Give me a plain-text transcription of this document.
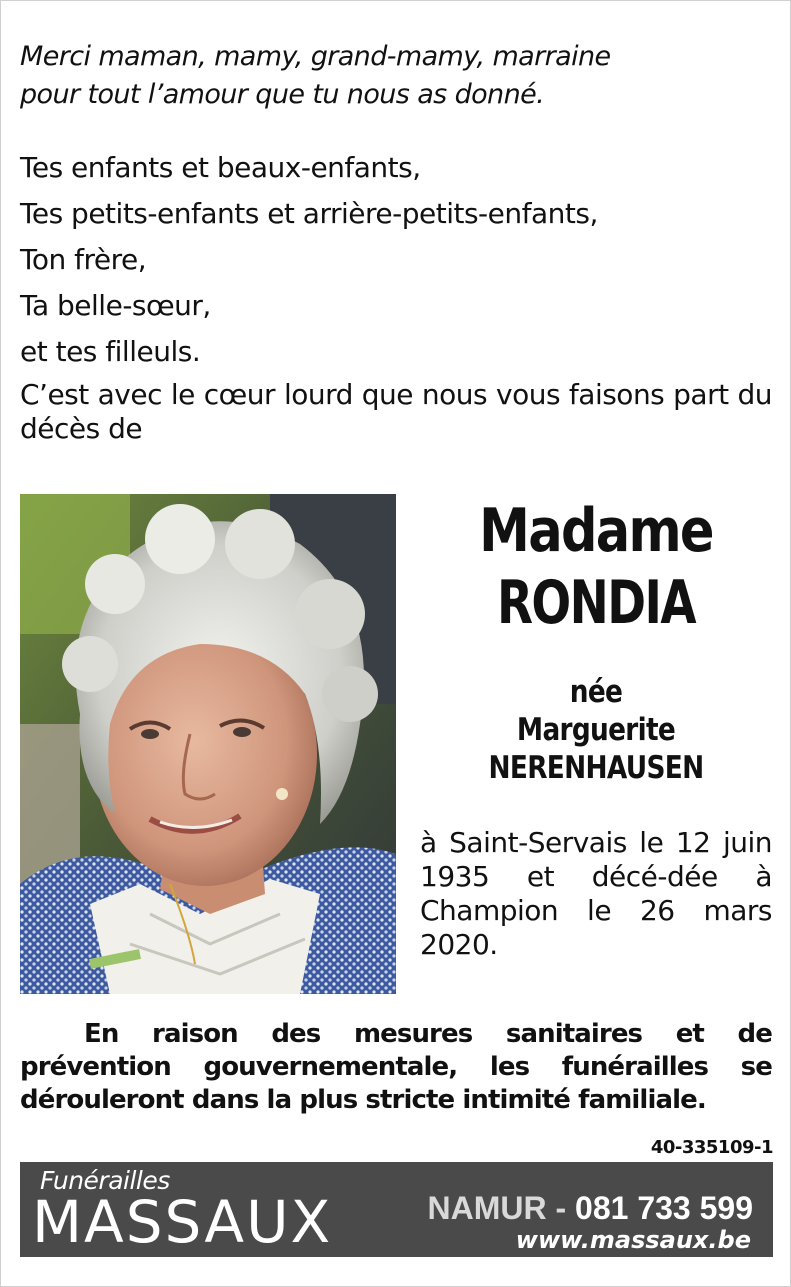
Merci maman, mamy, grand-mamy, marraine
pour tout l’amour que tu nous as donné.
Tes enfants et beaux-enfants,
Tes petits-enfants et arrière-petits-enfants,
Ton frère,
Ta belle-sœur,
et tes filleuls.
C’est avec le cœur lourd que nous vous faisons part du décès de
Madame
RONDIA
née
Marguerite
NERENHAUSEN
à Saint-Servais le 12 juin 1935 et décé-dée à Champion le 26 mars 2020.
En raison des mesures sanitaires et de prévention gouvernementale, les funérailles se dérouleront dans la plus stricte intimité familiale.
40-335109-1
Funérailles
MASSAUX	NAMUR - 081 733 599
www.massaux.be
